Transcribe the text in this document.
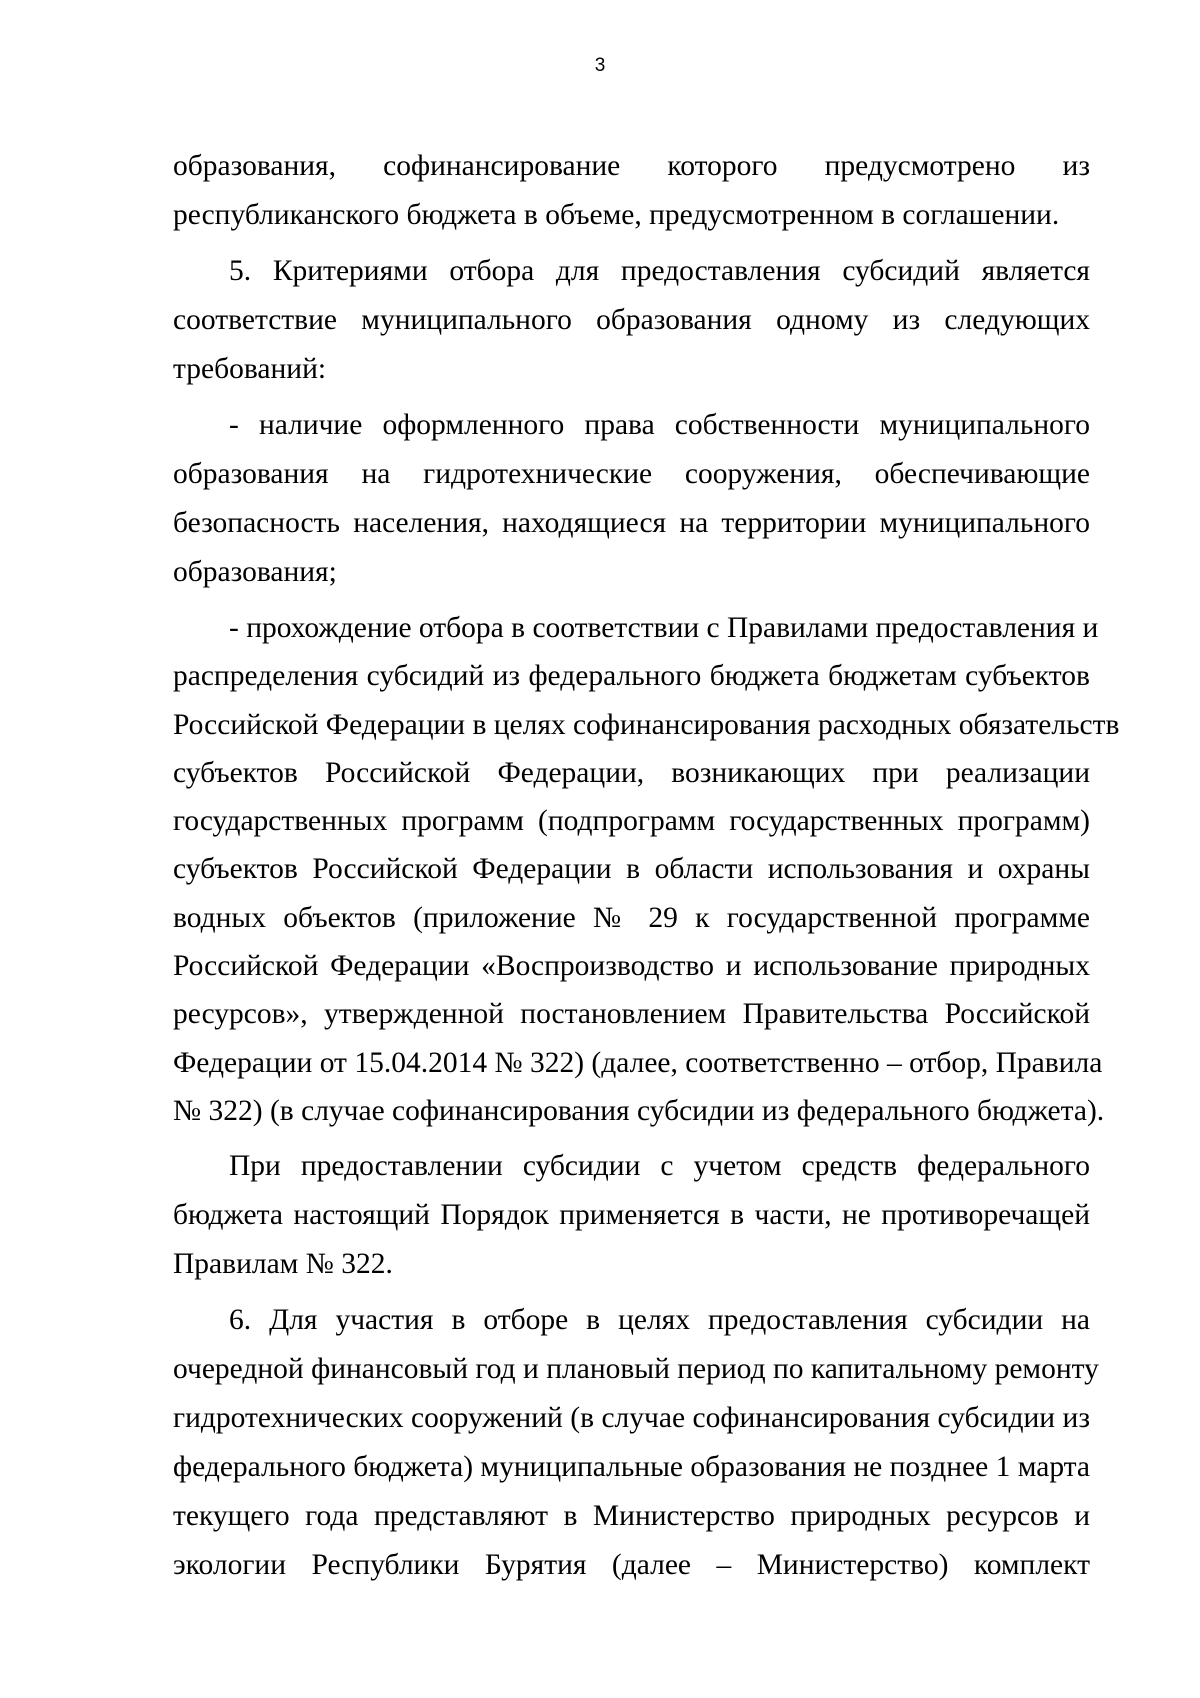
3

образования, софинансирование которого предусмотрено из
республиканского бюджета в объеме, предусмотренном в соглашении.

5. Критериями отбора для предоставления субсидий является
соответствие муниципального образования одному из следующих
требований:

- наличие оформленного права собственности муниципального
образования на гидротехнические сооружения, обеспечивающие
безопасность населения, находящиеся на территории муниципального
образования;

- прохождение отбора в соответствии с Правилами предоставления и
распределения субсидий из федерального бюджета бюджетам субъектов
Российской Федерации в целях софинансирования расходных обязательств
субъектов Российской Федерации, возникающих при реализации
государственных программ (подпрограмм государственных программ)
субъектов Российской Федерации в области использования и охраны
водных объектов (приложение № 29 к государственной программе
Российской Федерации «Воспроизводство и использование природных
ресурсов», утвержденной постановлением Правительства Российской
Федерации от 15.04.2014 № 322) (далее, соответственно – отбор, Правила
№ 322) (в случае софинансирования субсидии из федерального бюджета).

При предоставлении субсидии с учетом средств федерального
бюджета настоящий Порядок применяется в части, не противоречащей
Правилам № 322.

6. Для участия в отборе в целях предоставления субсидии на
очередной финансовый год и плановый период по капитальному ремонту
гидротехнических сооружений (в случае софинансирования субсидии из
федерального бюджета) муниципальные образования не позднее 1 марта
текущего года представляют в Министерство природных ресурсов и
экологии Республики Бурятия (далее – Министерство) комплект
